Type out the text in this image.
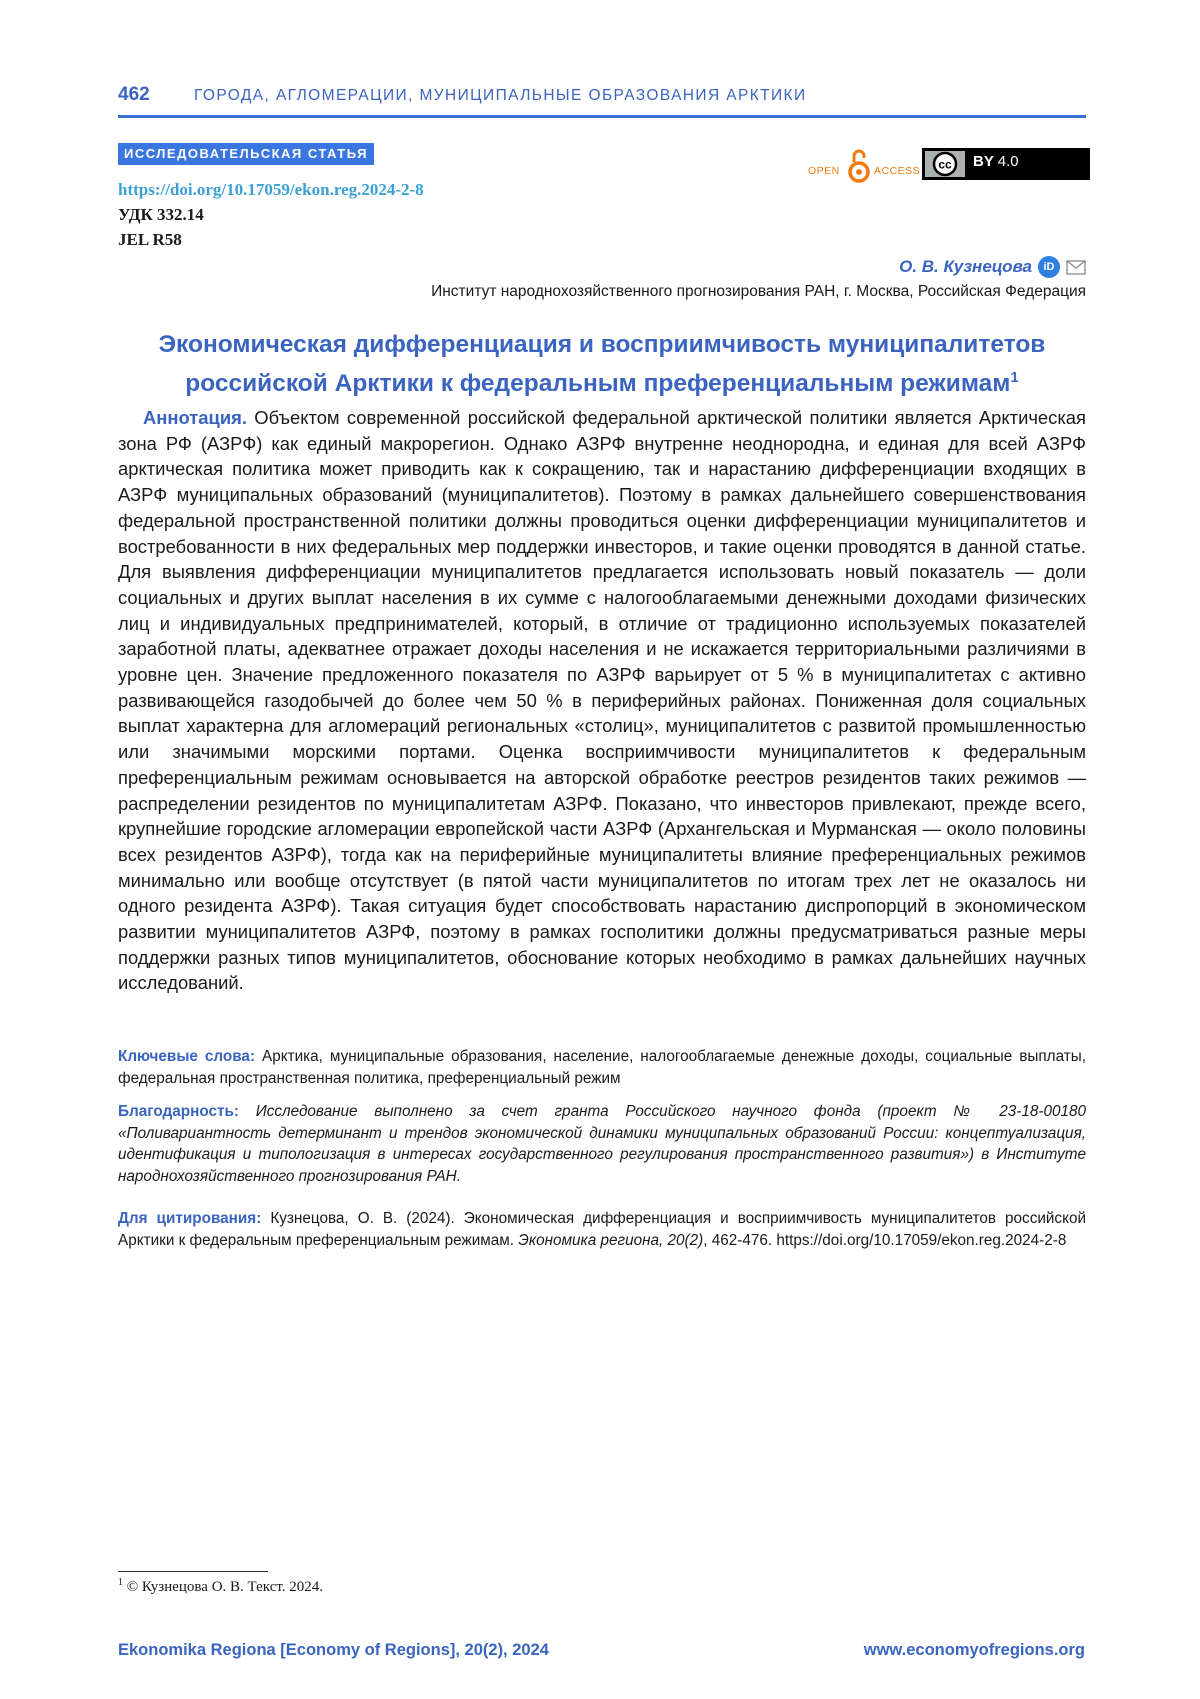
462	ГОРОДА, АГЛОМЕРАЦИИ, МУНИЦИПАЛЬНЫЕ ОБРАЗОВАНИЯ АРКТИКИ
ИССЛЕДОВАТЕЛЬСКАЯ СТАТЬЯ
https://doi.org/10.17059/ekon.reg.2024-2-8
УДК 332.14
JEL R58
OPEN	ACCESS cc BY 4.0
О. В. Кузнецова	iD
Институт народнохозяйственного прогнозирования РАН, г. Москва, Российская Федерация
Экономическая дифференциация и восприимчивость муниципалитетов
российской Арктики к федеральным преференциальным режимам$^1$

Аннотация. Объектом современной российской федеральной арктической политики является Арктическая зона РФ (АЗРФ) как единый макрорегион. Однако АЗРФ внутренне неоднородна, и единая для всей АЗРФ арктическая политика может приводить как к сокращению, так и нарастанию дифференциации входящих в АЗРФ муниципальных образований (муниципалитетов). Поэтому в рамках дальнейшего совершенствования федеральной пространственной политики должны проводиться оценки дифференциации муниципалитетов и востребованности в них федеральных мер поддержки инвесторов, и такие оценки проводятся в данной статье. Для выявления дифференциации муниципалитетов предлагается использовать новый показатель — доли социальных и других выплат населения в их сумме с налогооблагаемыми денежными доходами физических лиц и индивидуальных предпринимателей, который, в отличие от традиционно используемых показателей заработной платы, адекватнее отражает доходы населения и не искажается территориальными различиями в уровне цен. Значение предложенного показателя по АЗРФ варьирует от 5 % в муниципалитетах с активно развивающейся газодобычей до более чем 50 % в периферийных районах. Пониженная доля социальных выплат характерна для агломераций региональных «столиц», муниципалитетов с развитой промышленностью или значимыми морскими портами. Оценка восприимчивости муниципалитетов к федеральным преференциальным режимам основывается на авторской обработке реестров резидентов таких режимов — распределении резидентов по муниципалитетам АЗРФ. Показано, что инвесторов привлекают, прежде всего, крупнейшие городские агломерации европейской части АЗРФ (Архангельская и Мурманская — около половины всех резидентов АЗРФ), тогда как на периферийные муниципалитеты влияние преференциальных режимов минимально или вообще отсутствует (в пятой части муниципалитетов по итогам трех лет не оказалось ни одного резидента АЗРФ). Такая ситуация будет способствовать нарастанию диспропорций в экономическом развитии муниципалитетов АЗРФ, поэтому в рамках госполитики должны предусматриваться разные меры поддержки разных типов муниципалитетов, обоснование которых необходимо в рамках дальнейших научных исследований.

Ключевые слова: Арктика, муниципальные образования, население, налогооблагаемые денежные доходы, социальные выплаты, федеральная пространственная политика, преференциальный режим
Благодарность: Исследование выполнено за счет гранта Российского научного фонда (проект № 23-18-00180 «Поливариантность детерминант и трендов экономической динамики муниципальных образований России: концептуализация, идентификация и типологизация в интересах государственного регулирования пространственного развития») в Институте народнохозяйственного прогнозирования РАН.
Для цитирования: Кузнецова, О. В. (2024). Экономическая дифференциация и восприимчивость муниципалитетов российской Арктики к федеральным преференциальным режимам. Экономика региона, 20(2), 462-476. https://doi.org/10.17059/ekon.reg.2024-2-8
$^1$ © Кузнецова О. В. Текст. 2024.
Ekonomika Regiona [Economy of Regions], 20(2), 2024	www.economyofregions.org
